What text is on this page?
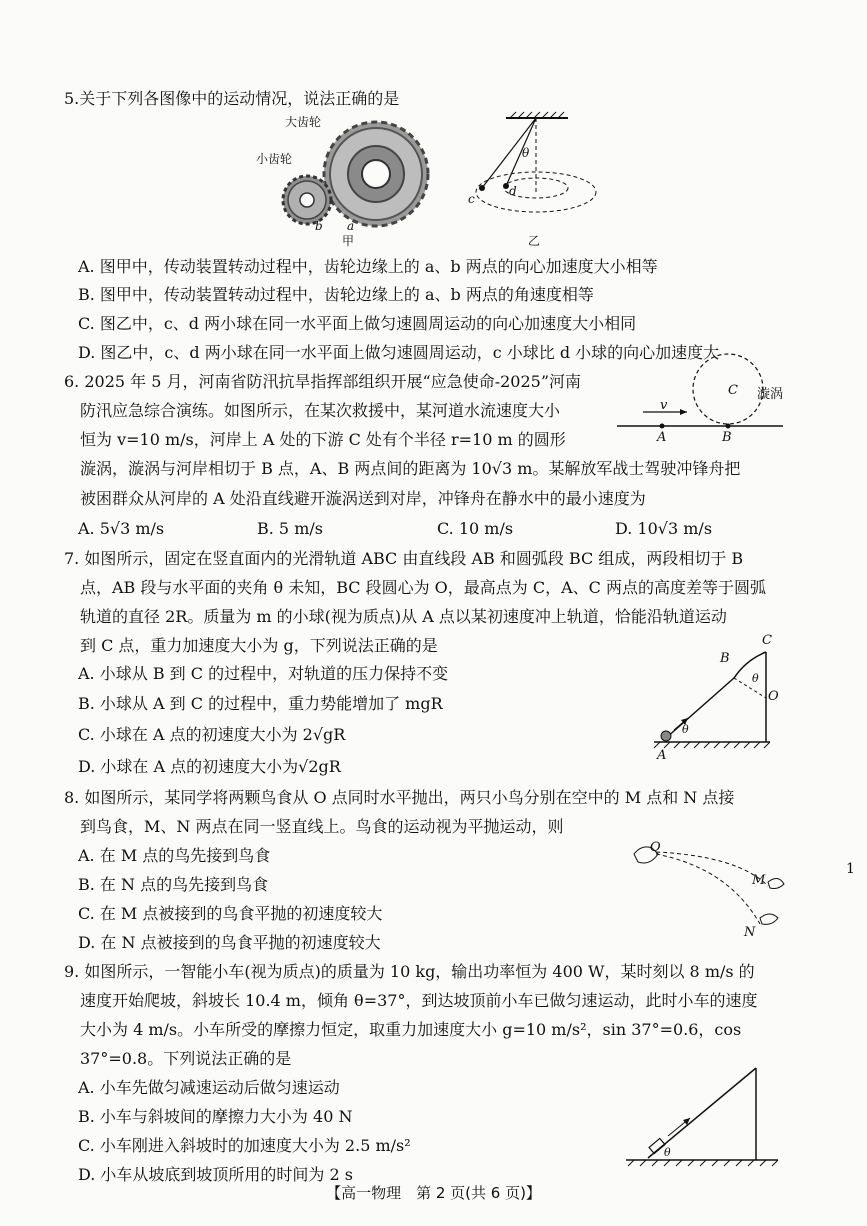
5.关于下列各图像中的运动情况，说法正确的是
大齿轮
小齿轮
a
b
甲
θ
c
d
乙
A. 图甲中，传动装置转动过程中，齿轮边缘上的 a、b 两点的向心加速度大小相等
B. 图甲中，传动装置转动过程中，齿轮边缘上的 a、b 两点的角速度相等
C. 图乙中，c、d 两小球在同一水平面上做匀速圆周运动的向心加速度大小相同
D. 图乙中，c、d 两小球在同一水平面上做匀速圆周运动，c 小球比 d 小球的向心加速度大
6. 2025 年 5 月，河南省防汛抗旱指挥部组织开展“应急使命-2025”河南
防汛应急综合演练。如图所示，在某次救援中，某河道水流速度大小
恒为 v=10 m/s，河岸上 A 处的下游 C 处有个半径 r=10 m 的圆形
漩涡，漩涡与河岸相切于 B 点，A、B 两点间的距离为 10√3 m。某解放军战士驾驶冲锋舟把
被困群众从河岸的 A 处沿直线避开漩涡送到对岸，冲锋舟在静水中的最小速度为
v
A	B
C 漩涡
A. 5√3 m/s	B. 5 m/s	C. 10 m/s	D. 10√3 m/s
7. 如图所示，固定在竖直面内的光滑轨道 ABC 由直线段 AB 和圆弧段 BC 组成，两段相切于 B
点，AB 段与水平面的夹角 θ 未知，BC 段圆心为 O，最高点为 C，A、C 两点的高度差等于圆弧
轨道的直径 2R。质量为 m 的小球(视为质点)从 A 点以某初速度冲上轨道，恰能沿轨道运动
到 C 点，重力加速度大小为 g，下列说法正确的是	C
B
O
θ
θ
A
A. 小球从 B 到 C 的过程中，对轨道的压力保持不变
B. 小球从 A 到 C 的过程中，重力势能增加了 mgR
C. 小球在 A 点的初速度大小为 2√gR
D. 小球在 A 点的初速度大小为√2gR
8. 如图所示，某同学将两颗鸟食从 O 点同时水平抛出，两只小鸟分别在空中的 M 点和 N 点接
到鸟食，M、N 两点在同一竖直线上。鸟食的运动视为平抛运动，则
O
M
N
1
A. 在 M 点的鸟先接到鸟食
B. 在 N 点的鸟先接到鸟食
C. 在 M 点被接到的鸟食平抛的初速度较大
D. 在 N 点被接到的鸟食平抛的初速度较大
9. 如图所示，一智能小车(视为质点)的质量为 10 kg，输出功率恒为 400 W，某时刻以 8 m/s 的
速度开始爬坡，斜坡长 10.4 m，倾角 θ=37°，到达坡顶前小车已做匀速运动，此时小车的速度
大小为 4 m/s。小车所受的摩擦力恒定，取重力加速度大小 g=10 m/s²，sin 37°=0.6，cos
37°=0.8。下列说法正确的是
θ
A. 小车先做匀减速运动后做匀速运动
B. 小车与斜坡间的摩擦力大小为 40 N
C. 小车刚进入斜坡时的加速度大小为 2.5 m/s²
D. 小车从坡底到坡顶所用的时间为 2 s
【高一物理　第 2 页(共 6 页)】
